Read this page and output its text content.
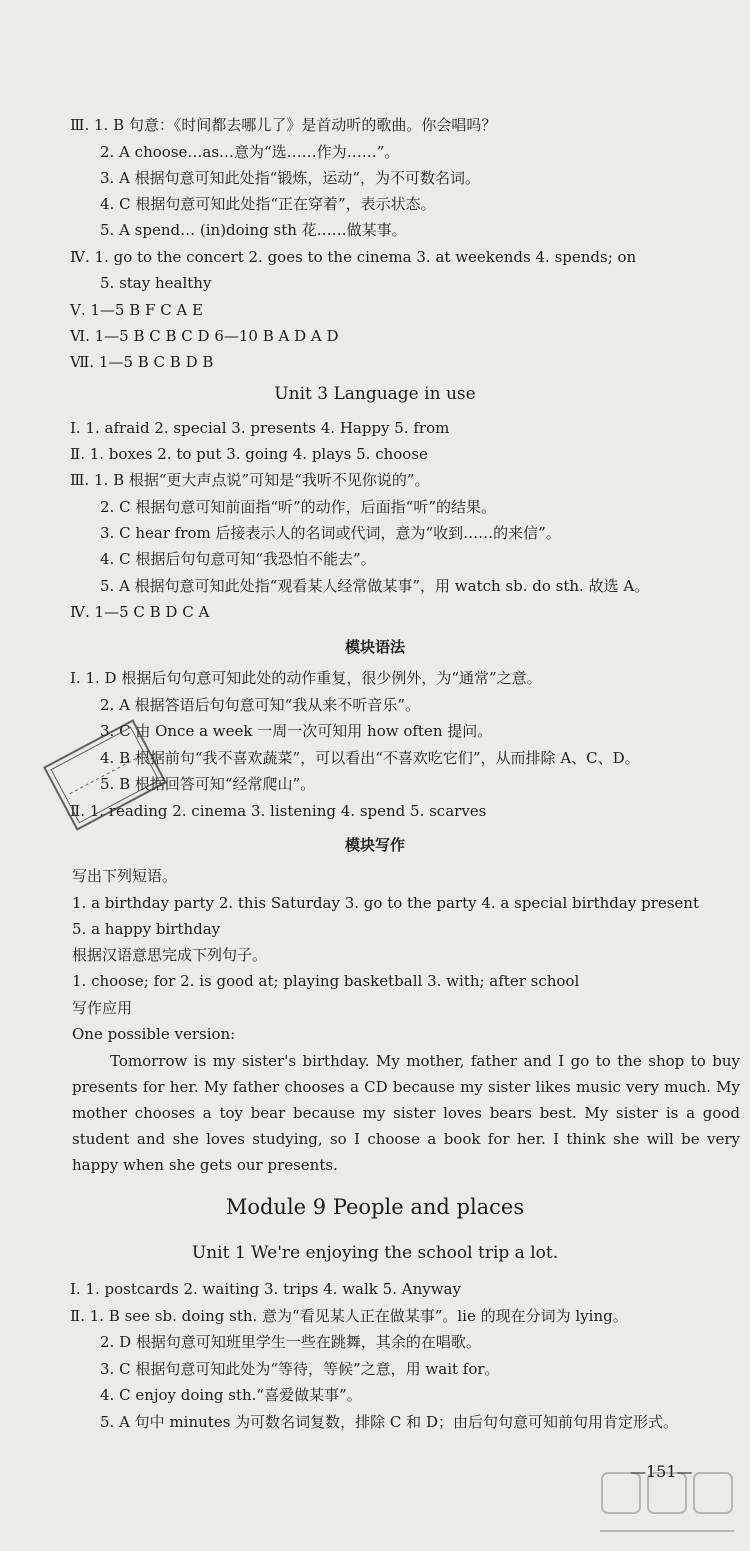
Ⅲ. 1. B 句意：《时间都去哪儿了》是首动听的歌曲。你会唱吗？
2. A choose…as…意为“选……作为……”。
3. A 根据句意可知此处指“锻炼，运动”，为不可数名词。
4. C 根据句意可知此处指“正在穿着”，表示状态。
5. A spend… (in)doing sth 花……做某事。
Ⅳ. 1. go to the concert 2. goes to the cinema 3. at weekends 4. spends; on
5. stay healthy
Ⅴ. 1—5 B F C A E
Ⅵ. 1—5 B C B C D 6—10 B A D A D
Ⅶ. 1—5 B C B D B
Unit 3 Language in use
Ⅰ. 1. afraid 2. special 3. presents 4. Happy 5. from
Ⅱ. 1. boxes 2. to put 3. going 4. plays 5. choose
Ⅲ. 1. B 根据“更大声点说”可知是“我听不见你说的”。
2. C 根据句意可知前面指“听”的动作，后面指“听”的结果。
3. C hear from 后接表示人的名词或代词，意为“收到……的来信”。
4. C 根据后句句意可知“我恐怕不能去”。
5. A 根据句意可知此处指“观看某人经常做某事”，用 watch sb. do sth. 故选 A。
Ⅳ. 1—5 C B D C A
模块语法
Ⅰ. 1. D 根据后句句意可知此处的动作重复，很少例外，为“通常”之意。
2. A 根据答语后句句意可知“我从来不听音乐”。
3. C 由 Once a week 一周一次可知用 how often 提问。
4. B 根据前句“我不喜欢蔬菜”，可以看出“不喜欢吃它们”，从而排除 A、C、D。
5. B 根据回答可知“经常爬山”。
Ⅱ. 1. reading 2. cinema 3. listening 4. spend 5. scarves
模块写作
写出下列短语。
1. a birthday party 2. this Saturday 3. go to the party 4. a special birthday present
5. a happy birthday
根据汉语意思完成下列句子。
1. choose; for 2. is good at; playing basketball 3. with; after school
写作应用
One possible version:

Tomorrow is my sister's birthday. My mother, father and I go to the shop to buy presents for her. My father chooses a CD because my sister likes music very much. My mother chooses a toy bear because my sister loves bears best. My sister is a good student and she loves studying, so I choose a book for her. I think she will be very happy when she gets our presents.

Module 9 People and places
Unit 1 We're enjoying the school trip a lot.
Ⅰ. 1. postcards 2. waiting 3. trips 4. walk 5. Anyway
Ⅱ. 1. B see sb. doing sth. 意为“看见某人正在做某事”。lie 的现在分词为 lying。
2. D 根据句意可知班里学生一些在跳舞，其余的在唱歌。
3. C 根据句意可知此处为“等待，等候”之意，用 wait for。
4. C enjoy doing sth.“喜爱做某事”。
5. A 句中 minutes 为可数名词复数，排除 C 和 D；由后句句意可知前句用肯定形式。
—151—
